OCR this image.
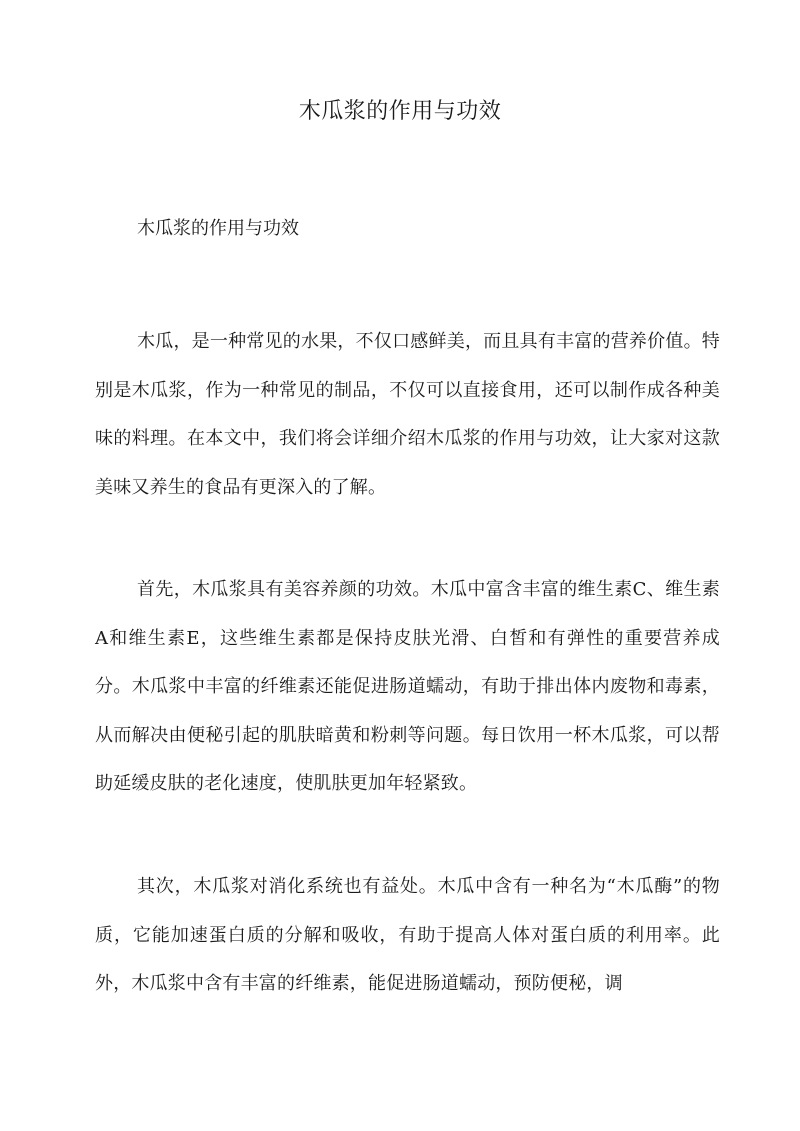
木瓜浆的作用与功效

木瓜浆的作用与功效

木瓜，是一种常见的水果，不仅口感鲜美，而且具有丰富的营养价值。特别是木瓜浆，作为一种常见的制品，不仅可以直接食用，还可以制作成各种美味的料理。在本文中，我们将会详细介绍木瓜浆的作用与功效，让大家对这款美味又养生的食品有更深入的了解。

首先，木瓜浆具有美容养颜的功效。木瓜中富含丰富的维生素C、维生素A和维生素E，这些维生素都是保持皮肤光滑、白皙和有弹性的重要营养成分。木瓜浆中丰富的纤维素还能促进肠道蠕动，有助于排出体内废物和毒素，从而解决由便秘引起的肌肤暗黄和粉刺等问题。每日饮用一杯木瓜浆，可以帮助延缓皮肤的老化速度，使肌肤更加年轻紧致。

其次，木瓜浆对消化系统也有益处。木瓜中含有一种名为“木瓜酶”的物质，它能加速蛋白质的分解和吸收，有助于提高人体对蛋白质的利用率。此外，木瓜浆中含有丰富的纤维素，能促进肠道蠕动，预防便秘，调
